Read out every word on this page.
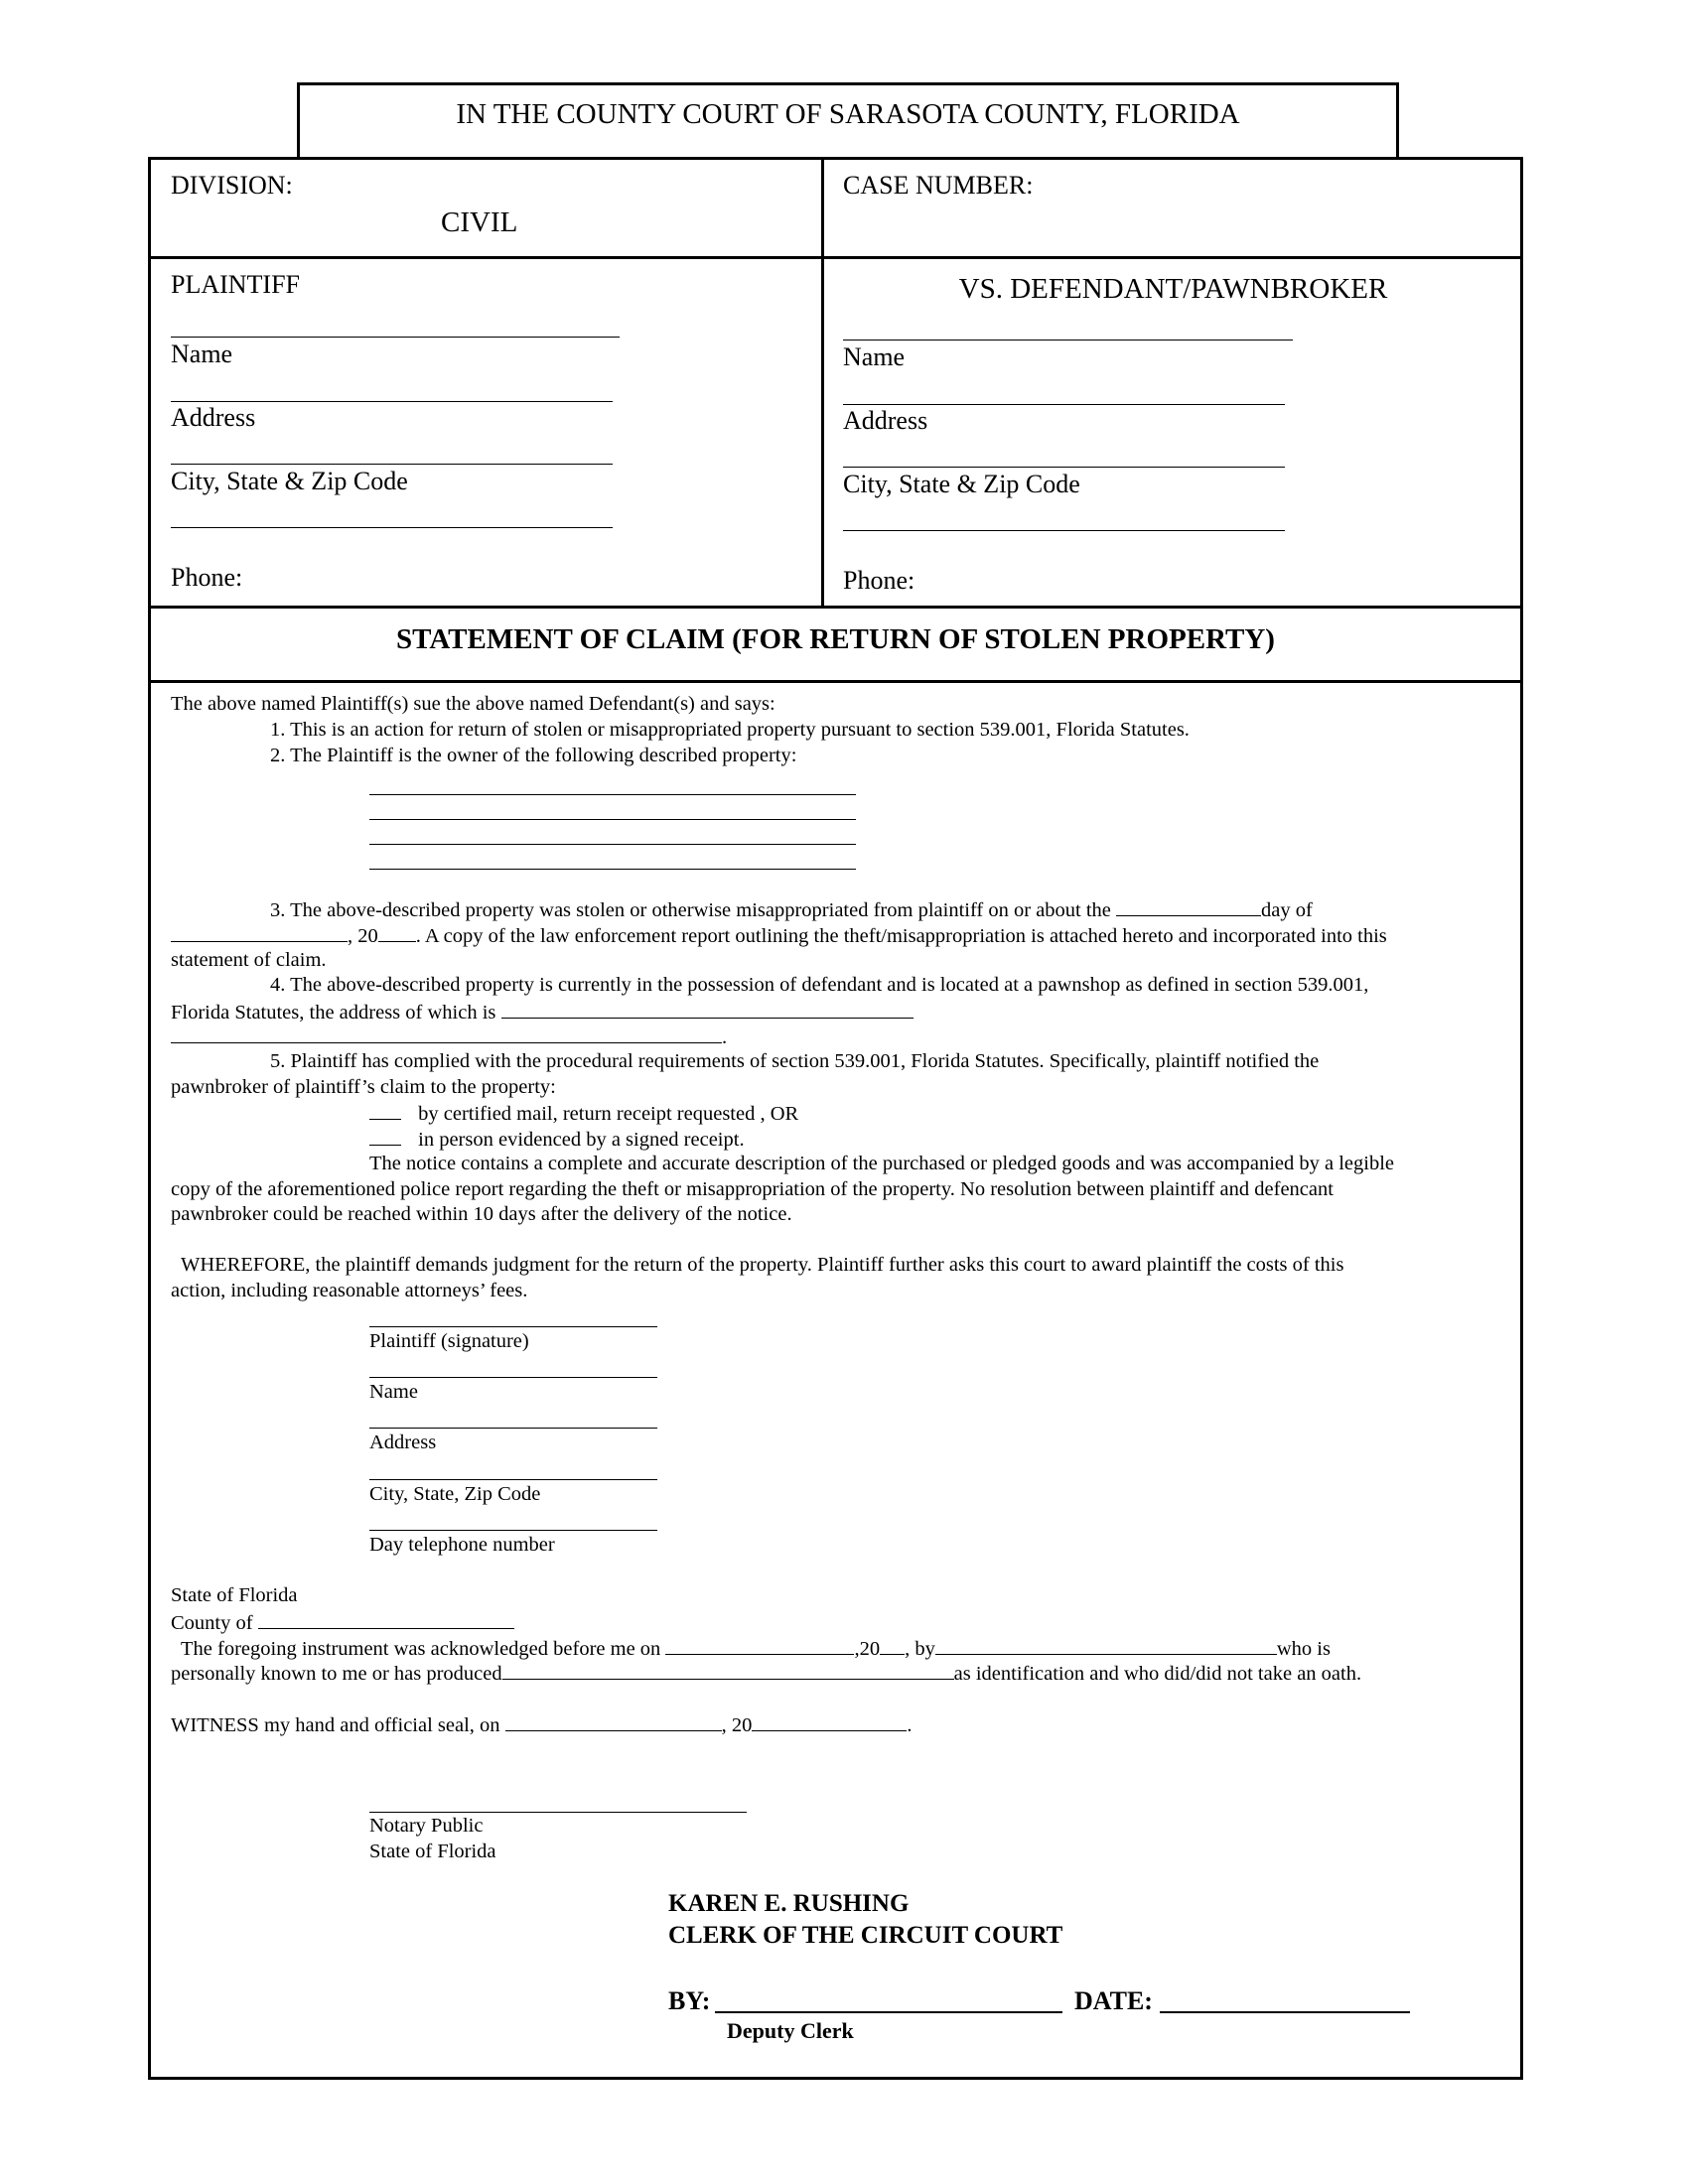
IN THE COUNTY COURT OF SARASOTA COUNTY, FLORIDA
DIVISION:
CIVIL
CASE NUMBER:
PLAINTIFF
Name
Address
City, State & Zip Code
Phone:
VS. DEFENDANT/PAWNBROKER
Name
Address
City, State & Zip Code
Phone:
STATEMENT OF CLAIM (FOR RETURN OF STOLEN PROPERTY)
The above named Plaintiff(s) sue the above named Defendant(s) and says:
1. This is an action for return of stolen or misappropriated property pursuant to section 539.001, Florida Statutes.
2. The Plaintiff is the owner of the following described property:
3. The above-described property was stolen or otherwise misappropriated from plaintiff on or about the	day of
, 20 . A copy of the law enforcement report outlining the theft/misappropriation is attached hereto and incorporated into this
statement of claim.
4. The above-described property is currently in the possession of defendant and is located at a pawnshop as defined in section 539.001,
Florida Statutes, the address of which is
.
5. Plaintiff has complied with the procedural requirements of section 539.001, Florida Statutes. Specifically, plaintiff notified the
pawnbroker of plaintiff’s claim to the property:
by certified mail, return receipt requested , OR
in person evidenced by a signed receipt.
The notice contains a complete and accurate description of the purchased or pledged goods and was accompanied by a legible
copy of the aforementioned police report regarding the theft or misappropriation of the property. No resolution between plaintiff and defencant
pawnbroker could be reached within 10 days after the delivery of the notice.
WHEREFORE, the plaintiff demands judgment for the return of the property. Plaintiff further asks this court to award plaintiff the costs of this
action, including reasonable attorneys’ fees.
Plaintiff (signature)
Name
Address
City, State, Zip Code
Day telephone number
State of Florida
County of
The foregoing instrument was acknowledged before me on	,20 , by	who is
personally known to me or has produced	as identification and who did/did not take an oath.
WITNESS my hand and official seal, on	, 20	.
Notary Public
State of Florida
KAREN E. RUSHING
CLERK OF THE CIRCUIT COURT
BY:	DATE:
Deputy Clerk
